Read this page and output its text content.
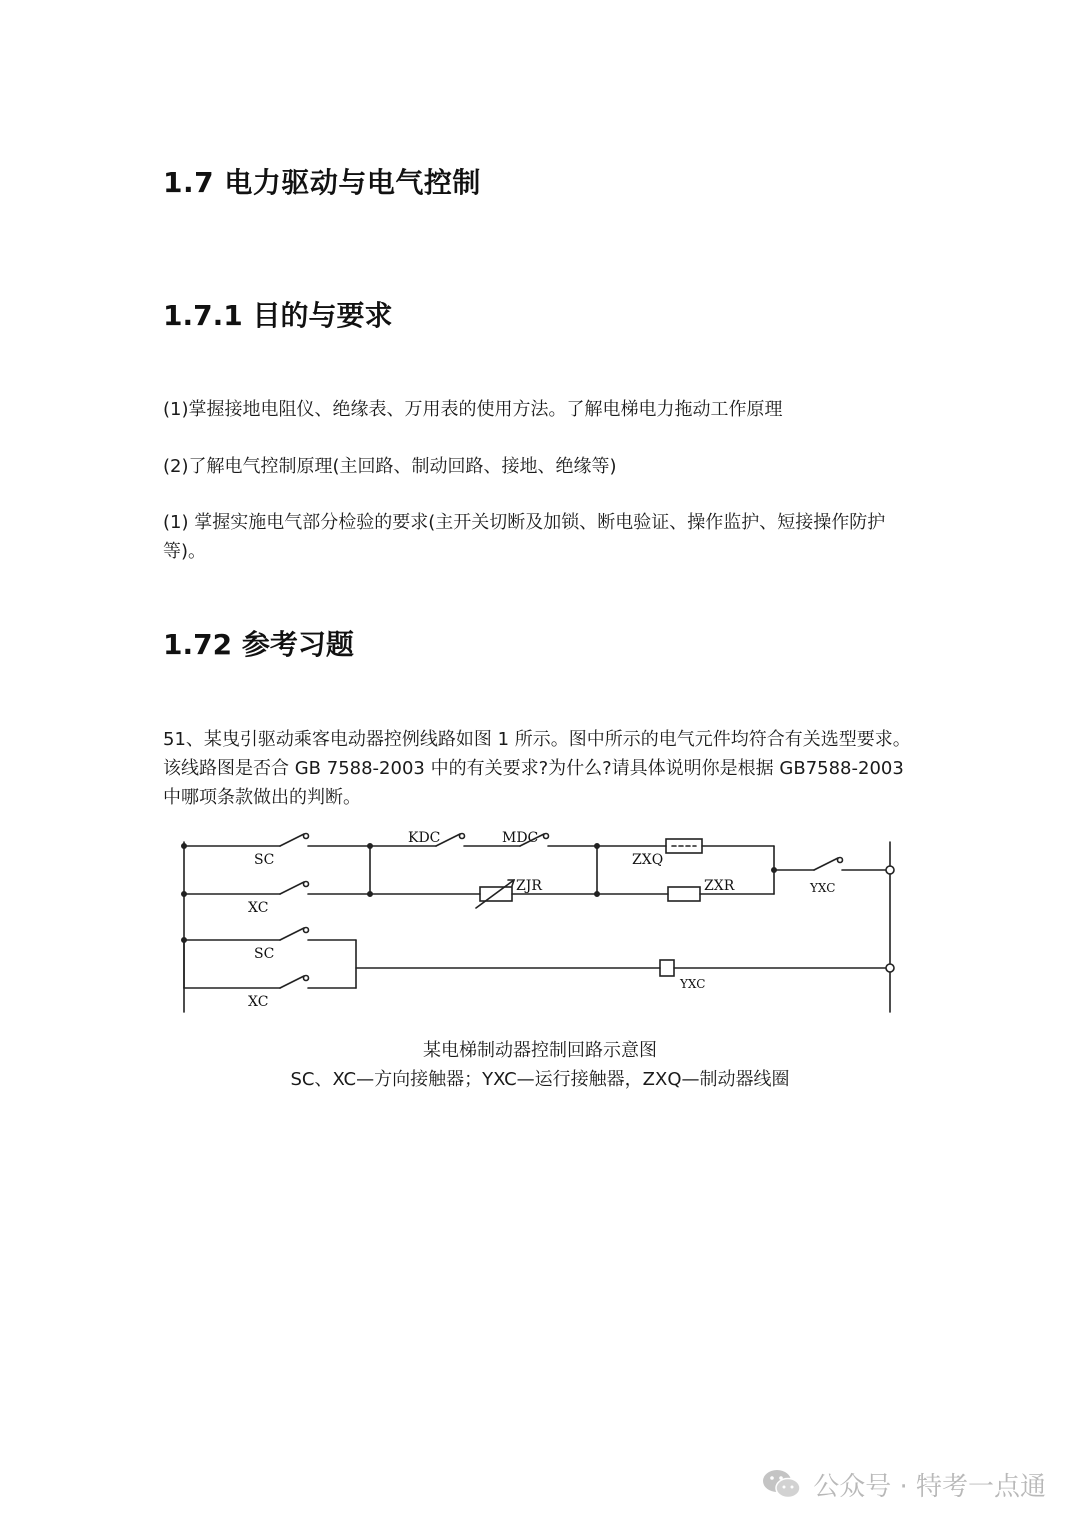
1.7 电力驱动与电气控制
1.7.1 目的与要求

(1)掌握接地电阻仪、绝缘表、万用表的使用方法。了解电梯电力拖动工作原理

(2)了解电气控制原理(主回路、制动回路、接地、绝缘等)

(1) 掌握实施电气部分检验的要求(主开关切断及加锁、断电验证、操作监护、短接操作防护等)。

1.72 参考习题

51、某曳引驱动乘客电动器控例线路如图 1 所示。图中所示的电气元件均符合有关选型要求。该线路图是否合 GB 7588-2003 中的有关要求?为什么?请具体说明你是根据 GB7588-2003 中哪项条款做出的判断。

SC
XC
KDC	MDC
ZJR
ZXQ
ZXR	YXC
SC
XC
YXC

某电梯制动器控制回路示意图

SC、XC—方向接触器；YXC—运行接触器，ZXQ—制动器线圈

公众号 · 特考一点通
